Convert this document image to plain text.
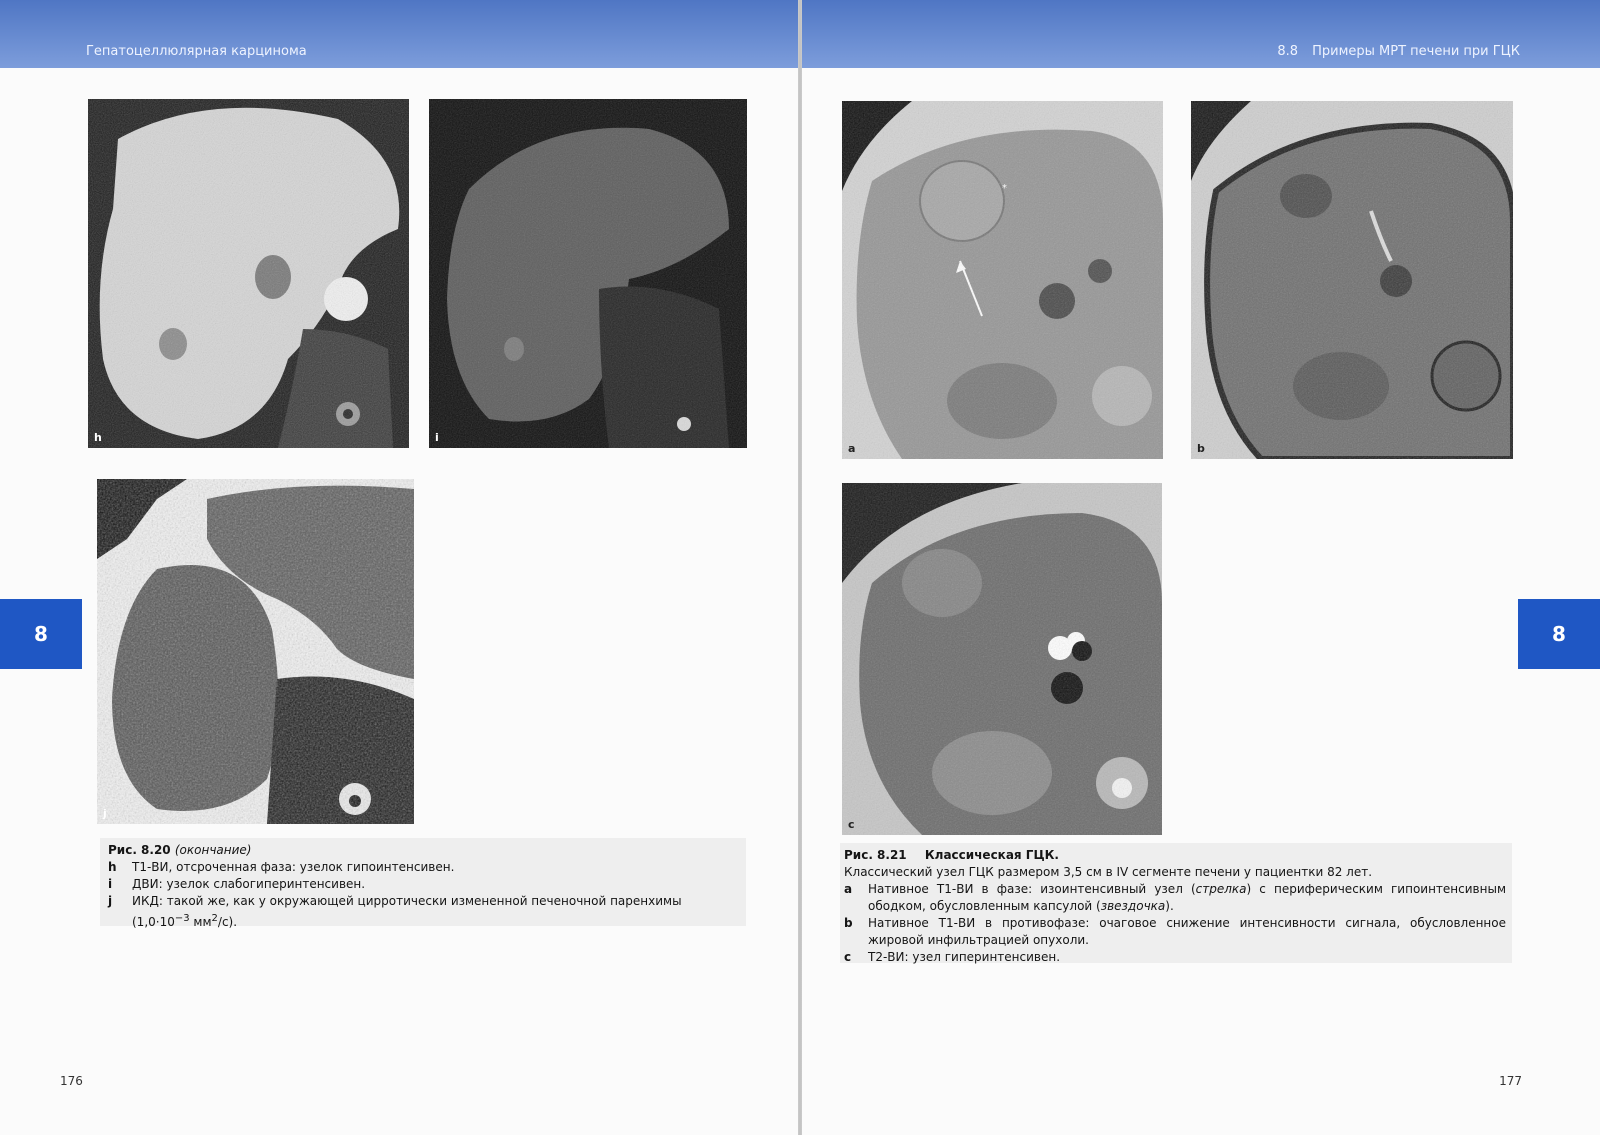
Гепатоцеллюлярная карцинома
h	i
j
Рис. 8.20 (окончание)
h	Т1-ВИ, отсроченная фаза: узелок гипоинтенсивен.
i	ДВИ: узелок слабогиперинтенсивен.
j	ИКД: такой же, как у окружающей цирротически измененной печеночной паренхимы ($1,0\cdot 10^{-3}$ $мм^2/с$).
8
176
8.8 Примеры МРТ печени при ГЦК
a	b
c
Рис. 8.21 Классическая ГЦК.
Классический узел ГЦК размером 3,5 см в IV сегменте печени у пациентки 82 лет.
a	Нативное Т1-ВИ в фазе: изоинтенсивный узел (стрелка) с периферическим гипоинтенсивным ободком, обусловленным капсулой (звездочка).
b	Нативное Т1-ВИ в противофазе: очаговое снижение интенсивности сигнала, обусловленное жировой инфильтрацией опухоли.
c	Т2-ВИ: узел гиперинтенсивен.
8
177
